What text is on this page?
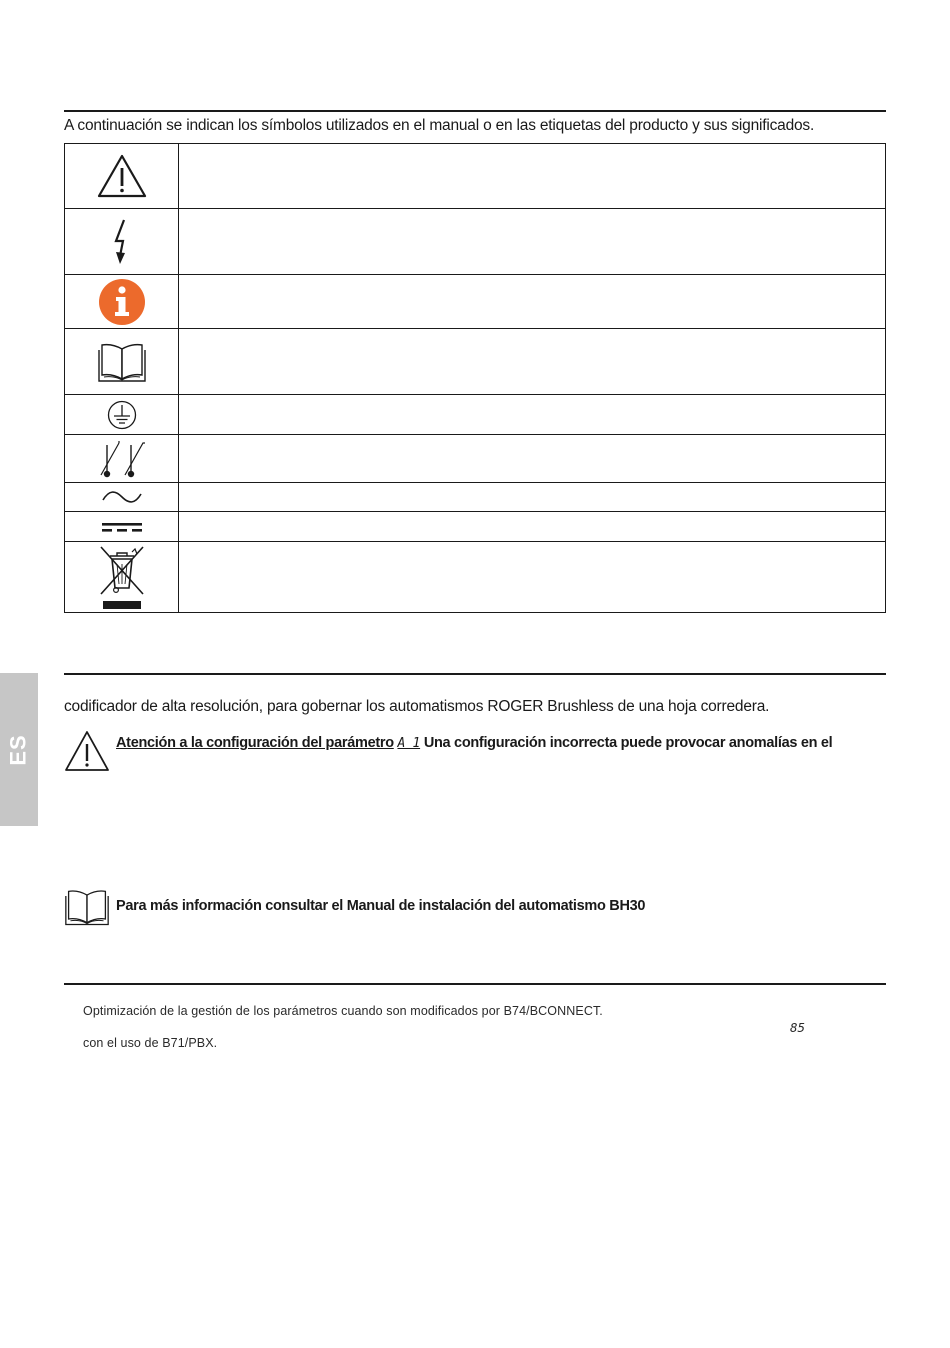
A continuación se indican los símbolos utilizados en el manual o en las etiquetas del producto y sus significados.

ES
codificador de alta resolución, para gobernar los automatismos ROGER Brushless de una hoja corredera.
Atención a la configuración del parámetro A 1 Una configuración incorrecta puede provocar anomalías en el
Para más información consultar el Manual de instalación del automatismo BH30
Optimización de la gestión de los parámetros cuando son modificados por B74/BCONNECT.
con el uso de B71/PBX.
85
